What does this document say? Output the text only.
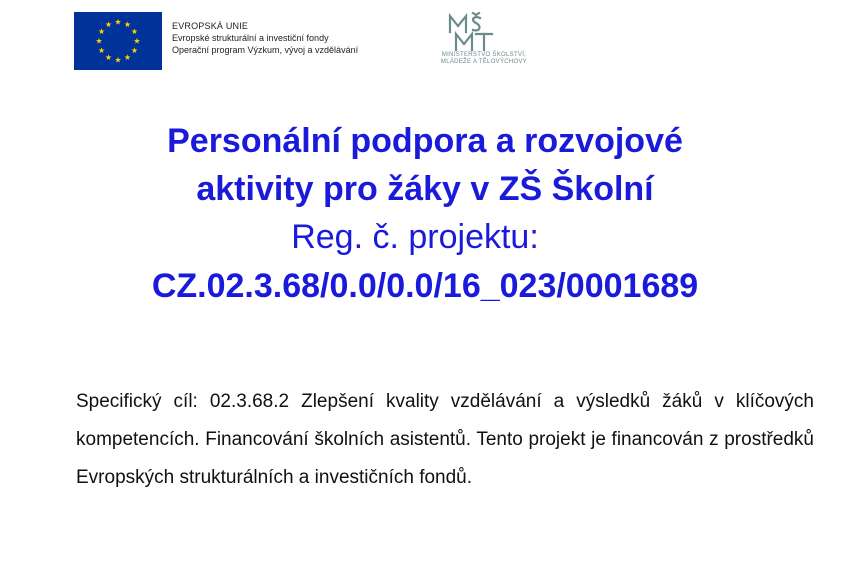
EVROPSKÁ UNIE
Evropské strukturální a investiční fondy
Operační program Výzkum, vývoj a vzdělávání	MINISTERSTVO ŠKOLSTVÍ,
MLÁDEŽE A TĚLOVÝCHOVY
Personální podpora a rozvojové
aktivity pro žáky v ZŠ Školní
Reg. č. projektu:
CZ.02.3.68/0.0/0.0/16_023/0001689
Specifický cíl: 02.3.68.2 Zlepšení kvality vzdělávání a výsledků žáků v klíčových kompetencích. Financování školních asistentů. Tento projekt je financován z prostředků Evropských strukturálních a investičních fondů.
